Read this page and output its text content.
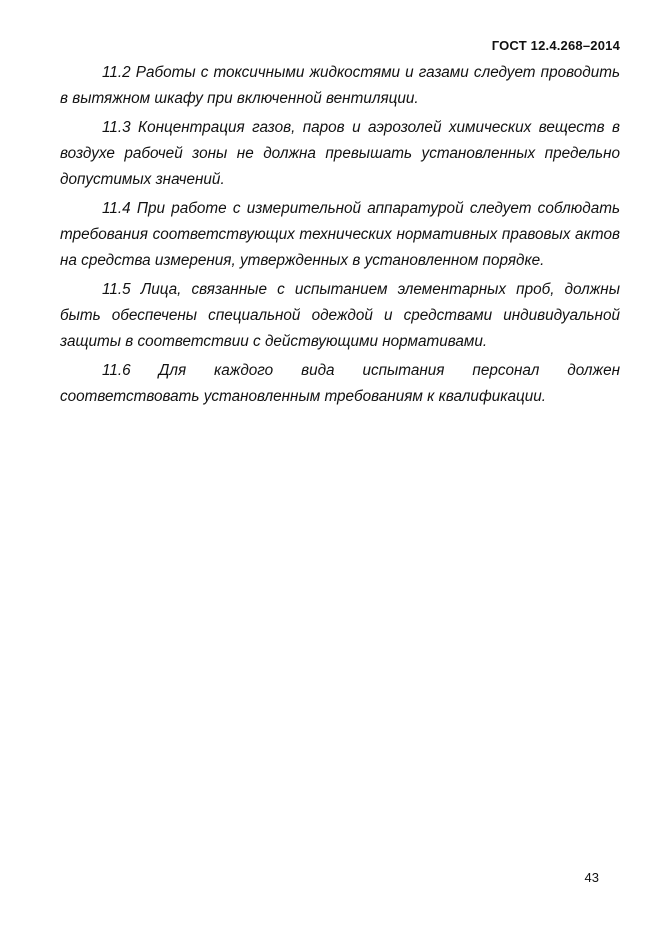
ГОСТ 12.4.268–2014

11.2 Работы с токсичными жидкостями и газами следует проводить в вытяжном шкафу при включенной вентиляции.

11.3 Концентрация газов, паров и аэрозолей химических веществ в воздухе рабочей зоны не должна превышать установленных предельно допустимых значений.

11.4 При работе с измерительной аппаратурой следует соблюдать требования соответствующих технических нормативных правовых актов на средства измерения, утвержденных в установленном порядке.

11.5 Лица, связанные с испытанием элементарных проб, должны быть обеспечены специальной одеждой и средствами индивидуальной защиты в соответствии с действующими нормативами.

11.6 Для каждого вида испытания персонал должен соответствовать установленным требованиям к квалификации.

43
